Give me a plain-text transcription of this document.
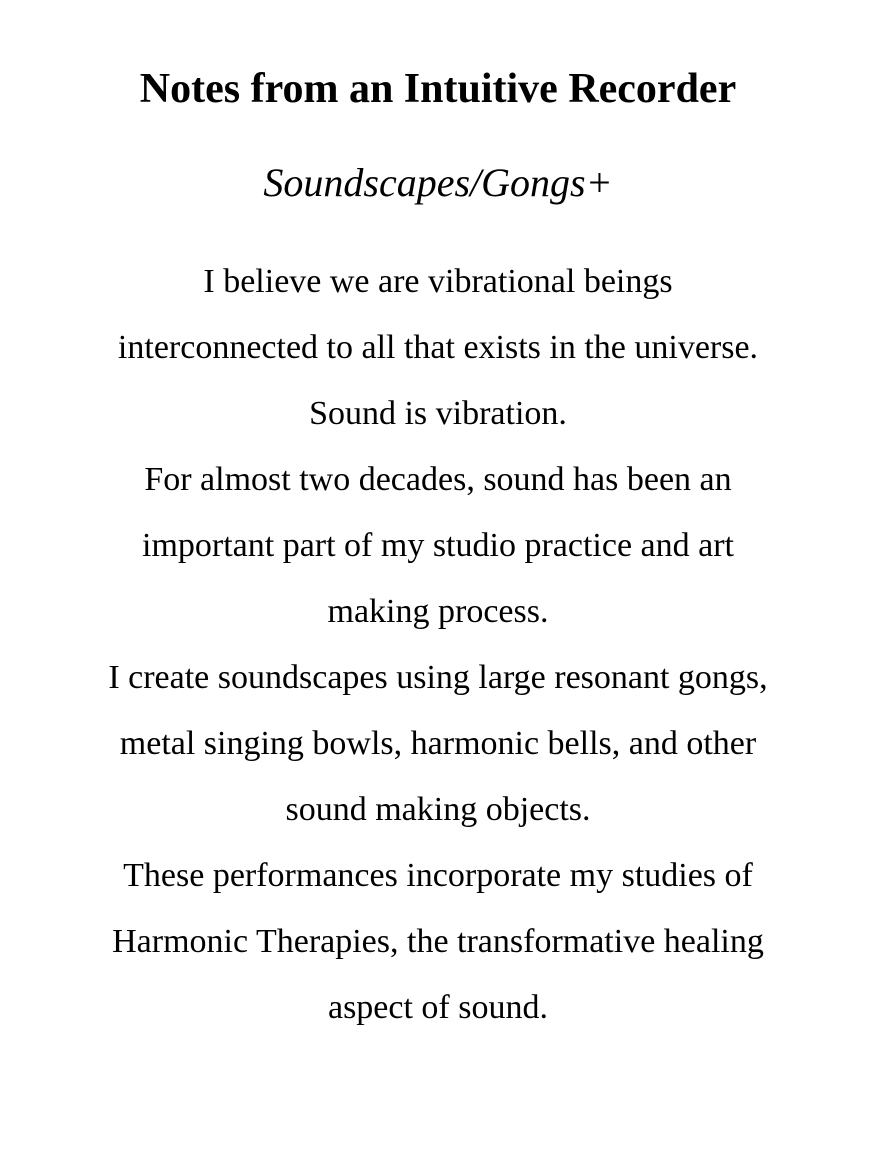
Notes from an Intuitive Recorder
Soundscapes/Gongs+
I believe we are vibrational beings
interconnected to all that exists in the universe.
Sound is vibration.
For almost two decades, sound has been an
important part of my studio practice and art
making process.
I create soundscapes using large resonant gongs,
metal singing bowls, harmonic bells, and other
sound making objects.
These performances incorporate my studies of
Harmonic Therapies, the transformative healing
aspect of sound.
